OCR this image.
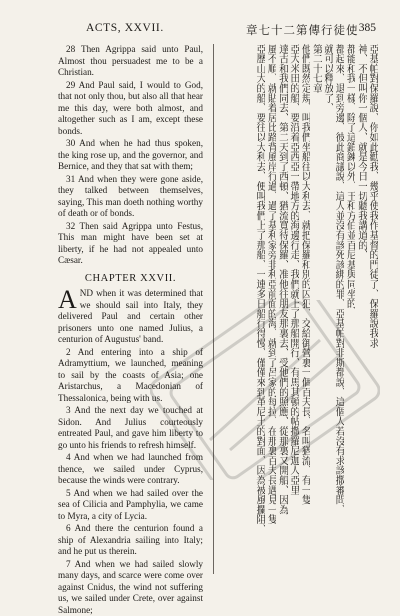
ACTS, XXVII.	章七十二第傳行徒使 385

28 Then Agrippa said unto Paul, Almost thou persuadest me to be a Christian.

29 And Paul said, I would to God, that not only thou, but also all that hear me this day, were both almost, and altogether such as I am, except these bonds.

30 And when he had thus spoken, the king rose up, and the governor, and Bernice, and they that sat with them;

31 And when they were gone aside, they talked between themselves, saying, This man doeth nothing worthy of death or of bonds.

32 Then said Agrippa unto Festus, This man might have been set at liberty, if he had not appealed unto Cæsar.

CHAPTER XXVII.

AND when it was determined that we should sail into Italy, they delivered Paul and certain other prisoners unto one named Julius, a centurion of Augustus' band.

2 And entering into a ship of Adramyttium, we launched, meaning to sail by the coasts of Asia; one Aristarchus, a Macedonian of Thessalonica, being with us.

3 And the next day we touched at Sidon. And Julius courteously entreated Paul, and gave him liberty to go unto his friends to refresh himself.

4 And when we had launched from thence, we sailed under Cyprus, because the winds were contrary.

5 And when we had sailed over the sea of Cilicia and Pamphylia, we came to Myra, a city of Lycia.

6 And there the centurion found a ship of Alexandria sailing into Italy; and he put us therein.

7 And when we had sailed slowly many days, and scarce were come over against Cnidus, the wind not suffering us, we sailed under Crete, over against Salmone;

亞基帕對保羅說、你如此勸我、幾乎使我作基督的門徒了、保羅說我求
神、不但叫你一個人、就是今日一切聽我講道的、
都能和我一樣、除了這鎖鍊以外、王和方伯並百尼基與同坐的
都起來、退到旁邊、彼此商議說、這人並沒有該死該綁的罪、亞基帕對非斯都說、這個人若沒有求該撒審問、
就可以釋放了、
第二十七章
他們既然定規、叫我們坐船往以大利去、就把保羅和別的囚犯、交給御營裏一個百夫長、名叫猶流、有一隻
亞大米田的船、要沿着亞西亞一帶地方的海邊行走、我們就上了那船開行、有馬其頓的帖撒羅尼迦人亞里
達古和我們同去、第二天到了西頓、猶流寬待保羅、准他往朋友那裏去、受他們的照應、從那裏又開船、因為
風不順、就貼着居比路背風岸行過、過了基利家旁非利亞前面的海、就到了呂家的每拉、在那裏百夫長遇見一隻
亞歷山大的船、要往以大利去、便叫我們上了那船、一連多日船行得慢、僅僅來到革尼土的對面、因為被風攔阻、
